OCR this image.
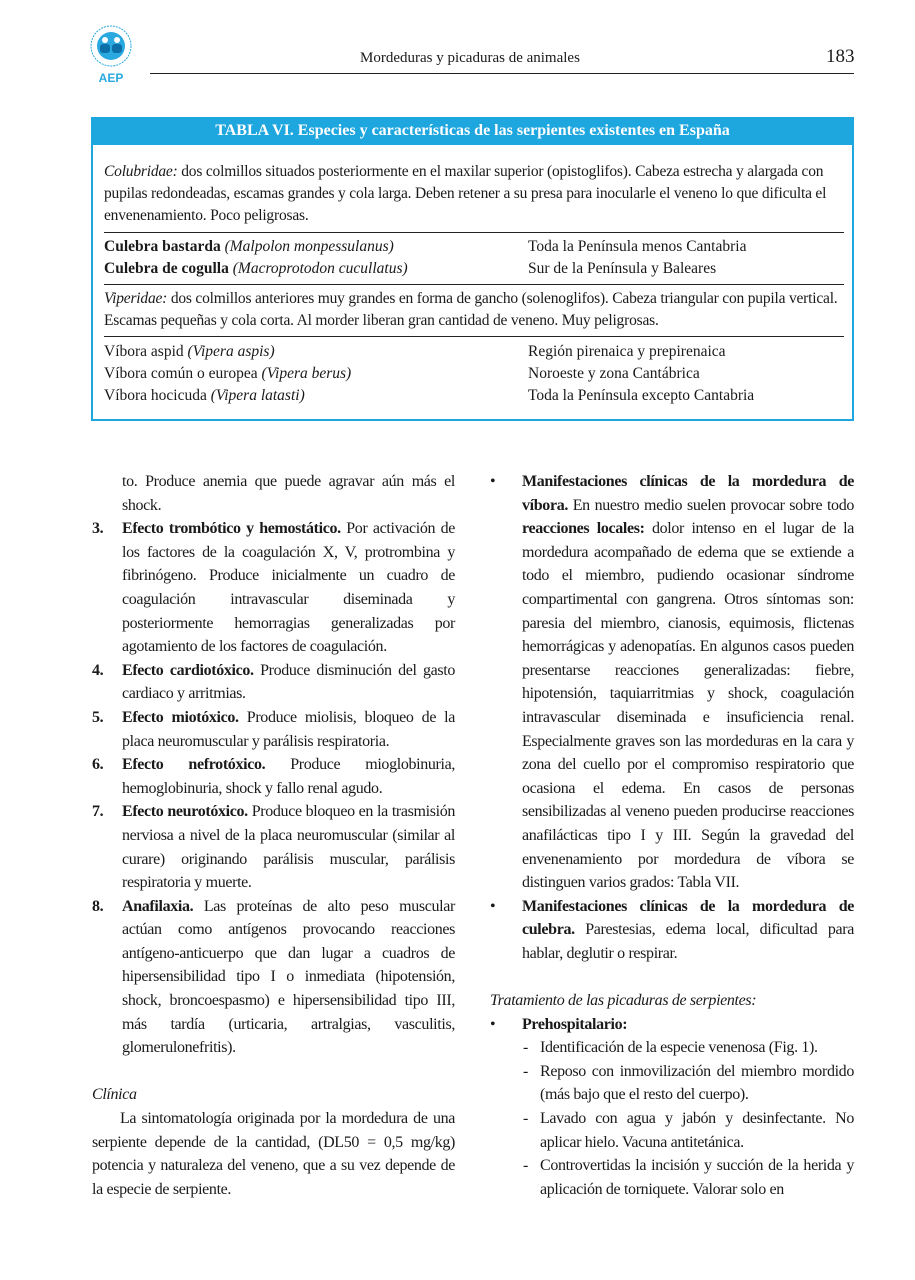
AEP
Mordeduras y picaduras de animales	183
TABLA VI. Especies y características de las serpientes existentes en España
Colubridae: dos colmillos situados posteriormente en el maxilar superior (opistoglifos). Cabeza estrecha y alargada con pupilas redondeadas, escamas grandes y cola larga. Deben retener a su presa para inocularle el veneno lo que dificulta el envenenamiento. Poco peligrosas.
Culebra bastarda (Malpolon monpessulanus)	Toda la Península menos Cantabria
Culebra de cogulla (Macroprotodon cucullatus)	Sur de la Península y Baleares
Viperidae: dos colmillos anteriores muy grandes en forma de gancho (solenoglifos). Cabeza triangular con pupila vertical. Escamas pequeñas y cola corta. Al morder liberan gran cantidad de veneno. Muy peligrosas.
Víbora aspid (Vipera aspis)	Región pirenaica y prepirenaica
Víbora común o europea (Vipera berus)	Noroeste y zona Cantábrica
Víbora hocicuda (Vipera latasti)	Toda la Península excepto Cantabria

to. Produce anemia que puede agravar aún más el shock.

3. Efecto trombótico y hemostático. Por activación de los factores de la coagulación X, V, protrombina y fibrinógeno. Produce inicialmente un cuadro de coagulación intravascular diseminada y posteriormente hemorragias generalizadas por agotamiento de los factores de coagulación.

4. Efecto cardiotóxico. Produce disminución del gasto cardiaco y arritmias.

5. Efecto miotóxico. Produce miolisis, bloqueo de la placa neuromuscular y parálisis respiratoria.

6. Efecto nefrotóxico. Produce mioglobinuria, hemoglobinuria, shock y fallo renal agudo.

7. Efecto neurotóxico. Produce bloqueo en la trasmisión nerviosa a nivel de la placa neuromuscular (similar al curare) originando parálisis muscular, parálisis respiratoria y muerte.

8. Anafilaxia. Las proteínas de alto peso muscular actúan como antígenos provocando reacciones antígeno-anticuerpo que dan lugar a cuadros de hipersensibilidad tipo I o inmediata (hipotensión, shock, broncoespasmo) e hipersensibilidad tipo III, más tardía (urticaria, artralgias, vasculitis, glomerulonefritis).

Clínica

La sintomatología originada por la mordedura de una serpiente depende de la cantidad, (DL50 = 0,5 mg/kg) potencia y naturaleza del veneno, que a su vez depende de la especie de serpiente.

• Manifestaciones clínicas de la mordedura de víbora. En nuestro medio suelen provocar sobre todo reacciones locales: dolor intenso en el lugar de la mordedura acompañado de edema que se extiende a todo el miembro, pudiendo ocasionar síndrome compartimental con gangrena. Otros síntomas son: paresia del miembro, cianosis, equimosis, flictenas hemorrágicas y adenopatías. En algunos casos pueden presentarse reacciones generalizadas: fiebre, hipotensión, taquiarritmias y shock, coagulación intravascular diseminada e insuficiencia renal. Especialmente graves son las mordeduras en la cara y zona del cuello por el compromiso respiratorio que ocasiona el edema. En casos de personas sensibilizadas al veneno pueden producirse reacciones anafilácticas tipo I y III. Según la gravedad del envenenamiento por mordedura de víbora se distinguen varios grados: Tabla VII.

• Manifestaciones clínicas de la mordedura de culebra. Parestesias, edema local, dificultad para hablar, deglutir o respirar.

Tratamiento de las picaduras de serpientes:

• Prehospitalario:

- Identificación de la especie venenosa (Fig. 1).

- Reposo con inmovilización del miembro mordido (más bajo que el resto del cuerpo).

- Lavado con agua y jabón y desinfectante. No aplicar hielo. Vacuna antitetánica.

- Controvertidas la incisión y succión de la herida y aplicación de torniquete. Valorar solo en
